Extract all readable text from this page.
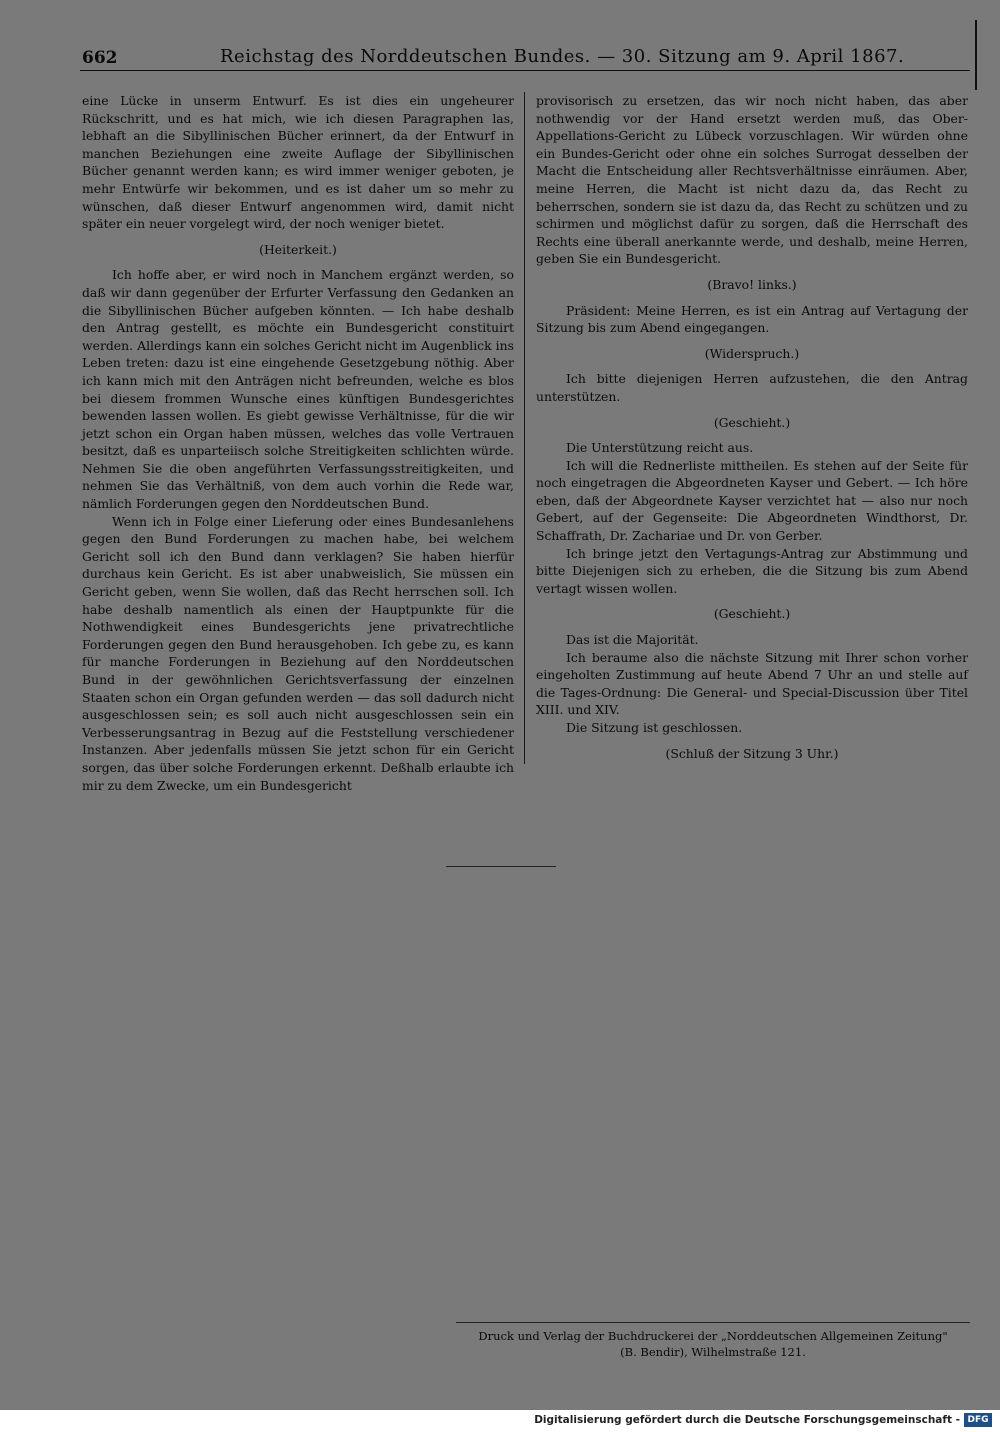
662	Reichstag des Norddeutschen Bundes. — 30. Sitzung am 9. April 1867.

eine Lücke in unserm Entwurf. Es ist dies ein ungeheurer Rückschritt, und es hat mich, wie ich diesen Paragraphen las, lebhaft an die Sibyllinischen Bücher erinnert, da der Entwurf in manchen Beziehungen eine zweite Auflage der Sibyllinischen Bücher genannt werden kann; es wird immer weniger geboten, je mehr Entwürfe wir bekommen, und es ist daher um so mehr zu wünschen, daß dieser Entwurf angenommen wird, damit nicht später ein neuer vorgelegt wird, der noch weniger bietet.

(Heiterkeit.)

Ich hoffe aber, er wird noch in Manchem ergänzt werden, so daß wir dann gegenüber der Erfurter Verfassung den Gedanken an die Sibyllinischen Bücher aufgeben könnten. — Ich habe deshalb den Antrag gestellt, es möchte ein Bundesgericht constituirt werden. Allerdings kann ein solches Gericht nicht im Augenblick ins Leben treten: dazu ist eine eingehende Gesetzgebung nöthig. Aber ich kann mich mit den Anträgen nicht befreunden, welche es blos bei diesem frommen Wunsche eines künftigen Bundesgerichtes bewenden lassen wollen. Es giebt gewisse Verhältnisse, für die wir jetzt schon ein Organ haben müssen, welches das volle Vertrauen besitzt, daß es unparteiisch solche Streitigkeiten schlichten würde. Nehmen Sie die oben angeführten Verfassungsstreitigkeiten, und nehmen Sie das Verhältniß, von dem auch vorhin die Rede war, nämlich Forderungen gegen den Norddeutschen Bund.

Wenn ich in Folge einer Lieferung oder eines Bundesanlehens gegen den Bund Forderungen zu machen habe, bei welchem Gericht soll ich den Bund dann verklagen? Sie haben hierfür durchaus kein Gericht. Es ist aber unabweislich, Sie müssen ein Gericht geben, wenn Sie wollen, daß das Recht herrschen soll. Ich habe deshalb namentlich als einen der Hauptpunkte für die Nothwendigkeit eines Bundesgerichts jene privatrechtliche Forderungen gegen den Bund herausgehoben. Ich gebe zu, es kann für manche Forderungen in Beziehung auf den Norddeutschen Bund in der gewöhnlichen Gerichtsverfassung der einzelnen Staaten schon ein Organ gefunden werden — das soll dadurch nicht ausgeschlossen sein; es soll auch nicht ausgeschlossen sein ein Verbesserungsantrag in Bezug auf die Feststellung verschiedener Instanzen. Aber jedenfalls müssen Sie jetzt schon für ein Gericht sorgen, das über solche Forderungen erkennt. Deßhalb erlaubte ich mir zu dem Zwecke, um ein Bundesgericht

provisorisch zu ersetzen, das wir noch nicht haben, das aber nothwendig vor der Hand ersetzt werden muß, das Ober-Appellations-Gericht zu Lübeck vorzuschlagen. Wir würden ohne ein Bundes-Gericht oder ohne ein solches Surrogat desselben der Macht die Entscheidung aller Rechtsverhältnisse einräumen. Aber, meine Herren, die Macht ist nicht dazu da, das Recht zu beherrschen, sondern sie ist dazu da, das Recht zu schützen und zu schirmen und möglichst dafür zu sorgen, daß die Herrschaft des Rechts eine überall anerkannte werde, und deshalb, meine Herren, geben Sie ein Bundesgericht.

(Bravo! links.)

Präsident: Meine Herren, es ist ein Antrag auf Vertagung der Sitzung bis zum Abend eingegangen.

(Widerspruch.)

Ich bitte diejenigen Herren aufzustehen, die den Antrag unterstützen.

(Geschieht.)

Die Unterstützung reicht aus.

Ich will die Rednerliste mittheilen. Es stehen auf der Seite für noch eingetragen die Abgeordneten Kayser und Gebert. — Ich höre eben, daß der Abgeordnete Kayser verzichtet hat — also nur noch Gebert, auf der Gegenseite: Die Abgeordneten Windthorst, Dr. Schaffrath, Dr. Zachariae und Dr. von Gerber.

Ich bringe jetzt den Vertagungs-Antrag zur Abstimmung und bitte Diejenigen sich zu erheben, die die Sitzung bis zum Abend vertagt wissen wollen.

(Geschieht.)

Das ist die Majorität.

Ich beraume also die nächste Sitzung mit Ihrer schon vorher eingeholten Zustimmung auf heute Abend 7 Uhr an und stelle auf die Tages-Ordnung: Die General- und Special-Discussion über Titel XIII. und XIV.

Die Sitzung ist geschlossen.

(Schluß der Sitzung 3 Uhr.)

Druck und Verlag der Buchdruckerei der „Norddeutschen Allgemeinen Zeitung"
(B. Bendir), Wilhelmstraße 121.
Digitalisierung gefördert durch die Deutsche Forschungsgemeinschaft - DFG
